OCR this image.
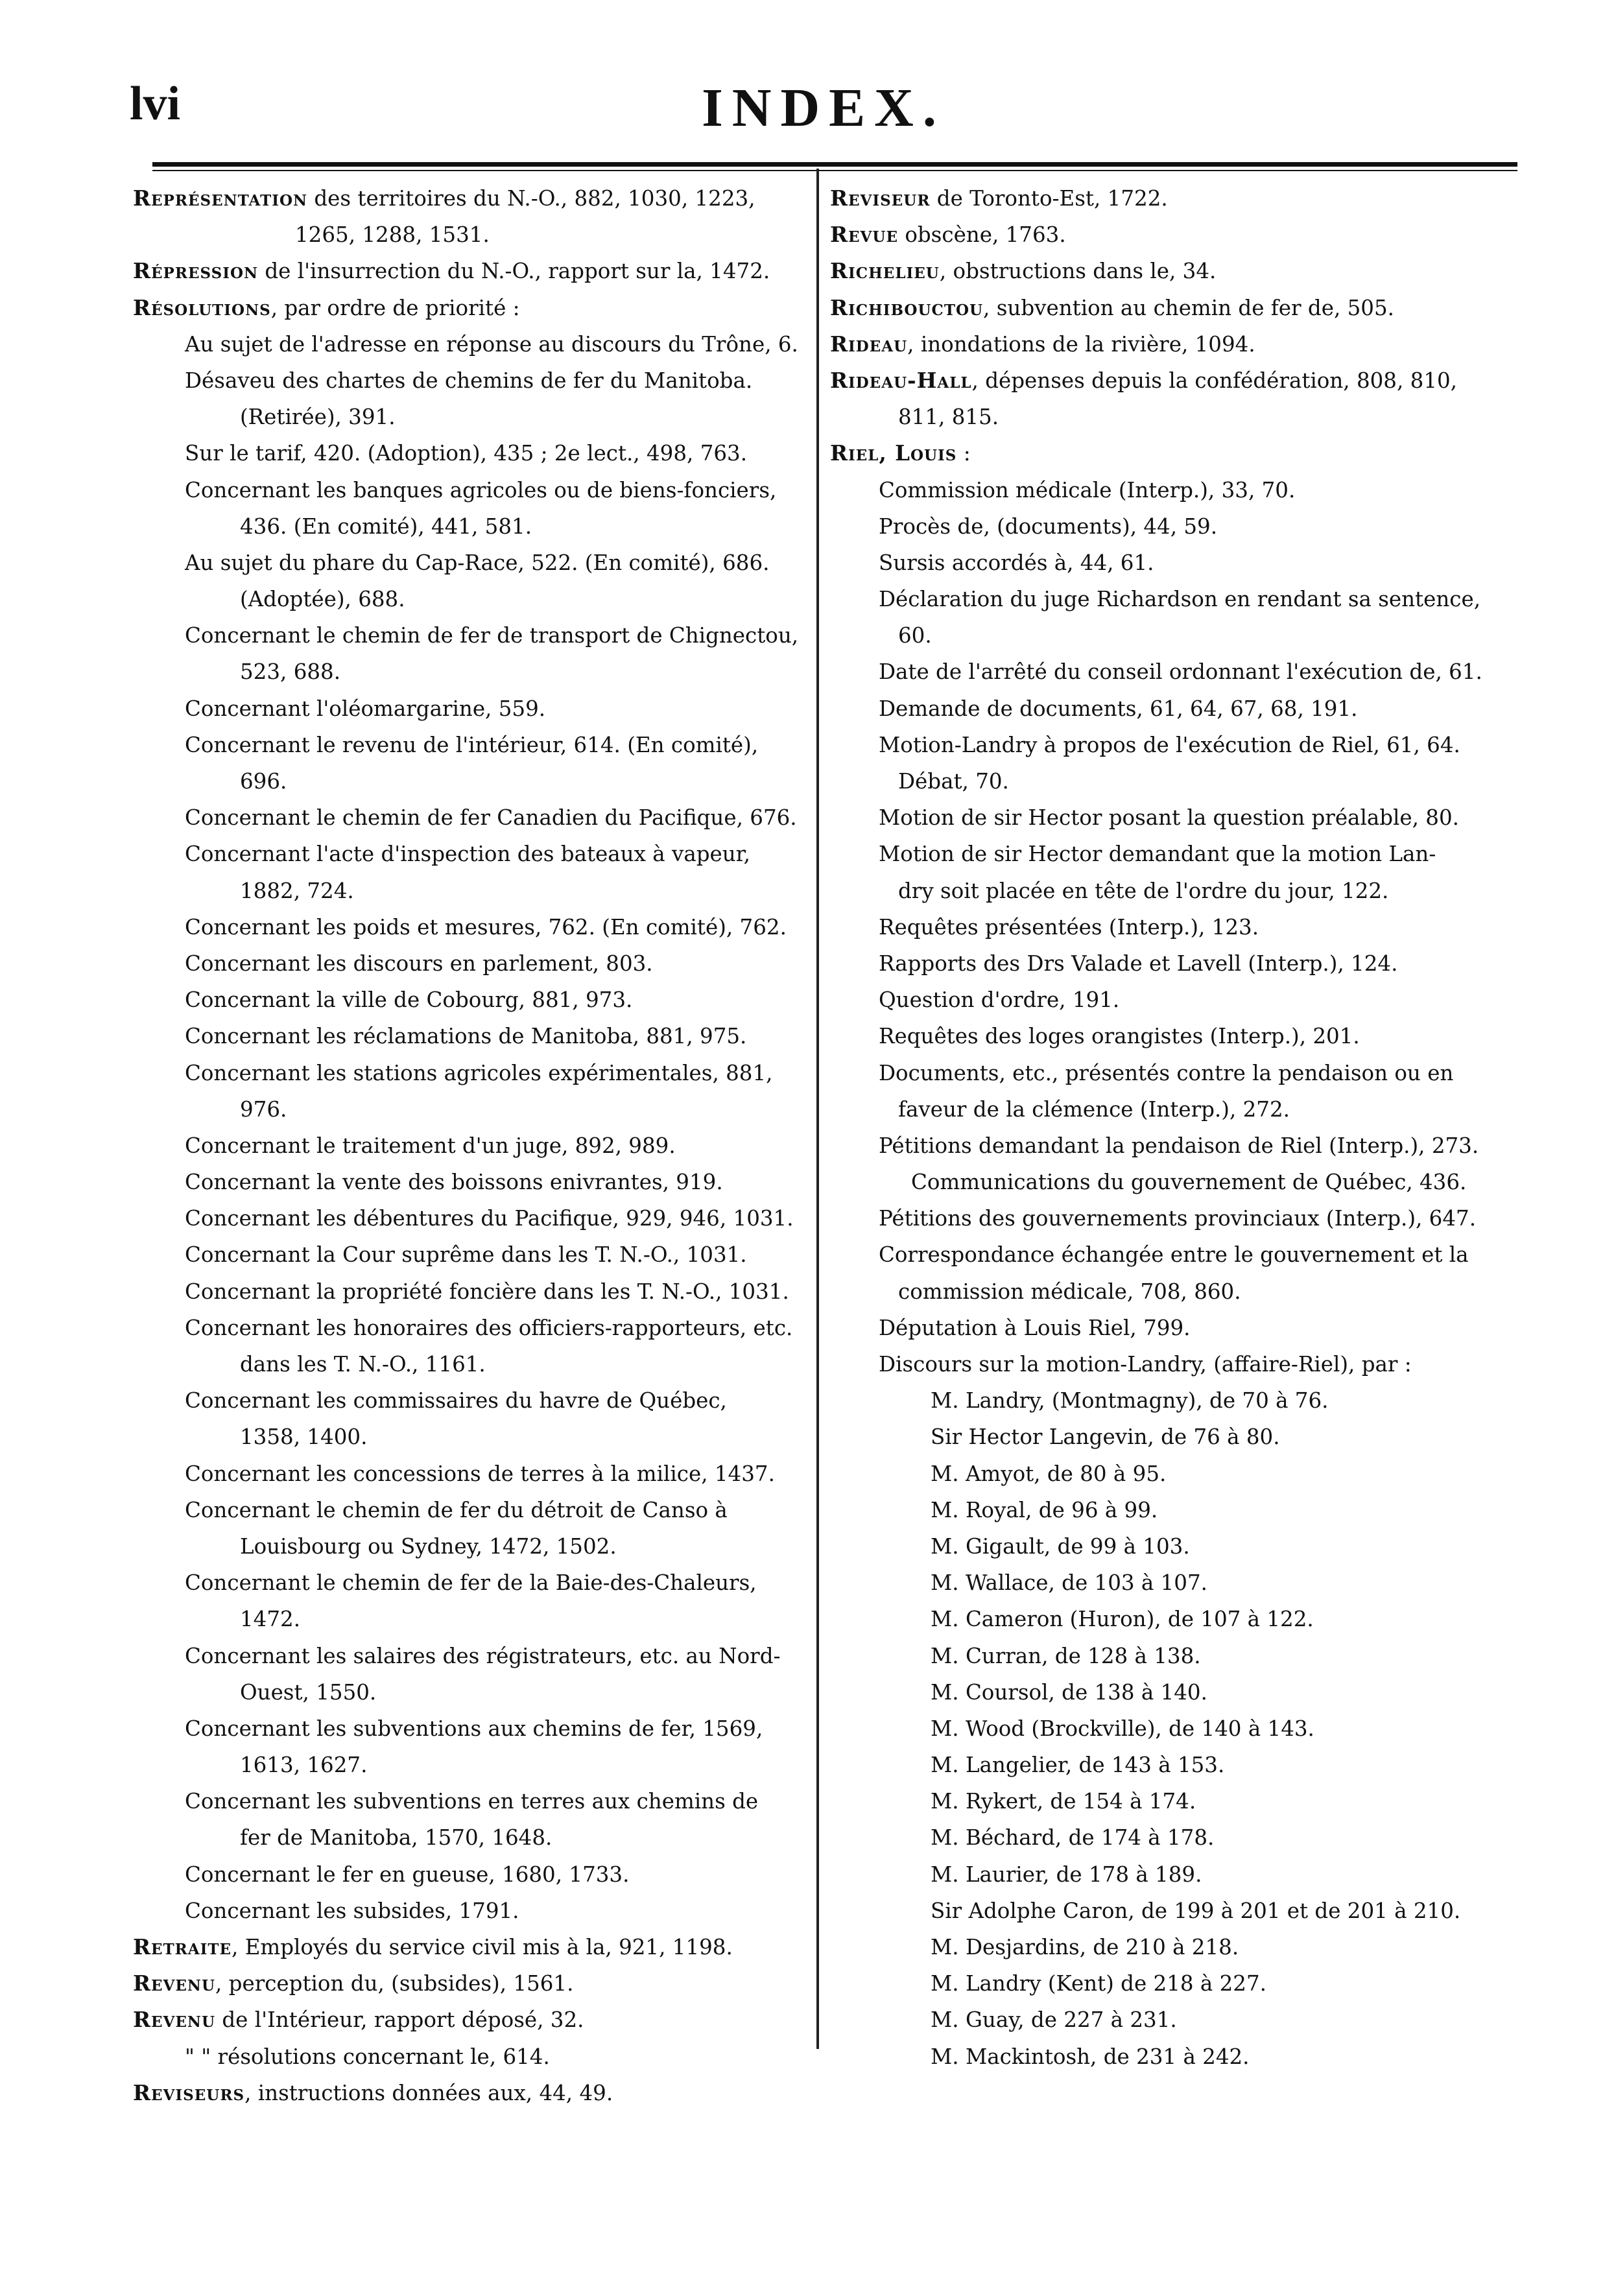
lvi	INDEX.
Représentation des territoires du N.-O., 882, 1030, 1223,
1265, 1288, 1531.
Répression de l'insurrection du N.-O., rapport sur la, 1472.
Résolutions, par ordre de priorité :
Au sujet de l'adresse en réponse au discours du Trône, 6.
Désaveu des chartes de chemins de fer du Manitoba.
(Retirée), 391.
Sur le tarif, 420. (Adoption), 435 ; 2e lect., 498, 763.
Concernant les banques agricoles ou de biens-fonciers,
436. (En comité), 441, 581.
Au sujet du phare du Cap-Race, 522. (En comité), 686.
(Adoptée), 688.
Concernant le chemin de fer de transport de Chignectou,
523, 688.
Concernant l'oléomargarine, 559.
Concernant le revenu de l'intérieur, 614. (En comité),
696.
Concernant le chemin de fer Canadien du Pacifique, 676.
Concernant l'acte d'inspection des bateaux à vapeur,
1882, 724.
Concernant les poids et mesures, 762. (En comité), 762.
Concernant les discours en parlement, 803.
Concernant la ville de Cobourg, 881, 973.
Concernant les réclamations de Manitoba, 881, 975.
Concernant les stations agricoles expérimentales, 881,
976.
Concernant le traitement d'un juge, 892, 989.
Concernant la vente des boissons enivrantes, 919.
Concernant les débentures du Pacifique, 929, 946, 1031.
Concernant la Cour suprême dans les T. N.-O., 1031.
Concernant la propriété foncière dans les T. N.-O., 1031.
Concernant les honoraires des officiers-rapporteurs, etc.
dans les T. N.-O., 1161.
Concernant les commissaires du havre de Québec,
1358, 1400.
Concernant les concessions de terres à la milice, 1437.
Concernant le chemin de fer du détroit de Canso à
Louisbourg ou Sydney, 1472, 1502.
Concernant le chemin de fer de la Baie-des-Chaleurs,
1472.
Concernant les salaires des régistrateurs, etc. au Nord-
Ouest, 1550.
Concernant les subventions aux chemins de fer, 1569,
1613, 1627.
Concernant les subventions en terres aux chemins de
fer de Manitoba, 1570, 1648.
Concernant le fer en gueuse, 1680, 1733.
Concernant les subsides, 1791.
Retraite, Employés du service civil mis à la, 921, 1198.
Revenu, perception du, (subsides), 1561.
Revenu de l'Intérieur, rapport déposé, 32.
" " résolutions concernant le, 614.
Reviseurs, instructions données aux, 44, 49.
Reviseur de Toronto-Est, 1722.
Revue obscène, 1763.
Richelieu, obstructions dans le, 34.
Richibouctou, subvention au chemin de fer de, 505.
Rideau, inondations de la rivière, 1094.
Rideau-Hall, dépenses depuis la confédération, 808, 810,
811, 815.
Riel, Louis :
Commission médicale (Interp.), 33, 70.
Procès de, (documents), 44, 59.
Sursis accordés à, 44, 61.
Déclaration du juge Richardson en rendant sa sentence,
60.
Date de l'arrêté du conseil ordonnant l'exécution de, 61.
Demande de documents, 61, 64, 67, 68, 191.
Motion-Landry à propos de l'exécution de Riel, 61, 64.
Débat, 70.
Motion de sir Hector posant la question préalable, 80.
Motion de sir Hector demandant que la motion Lan-
dry soit placée en tête de l'ordre du jour, 122.
Requêtes présentées (Interp.), 123.
Rapports des Drs Valade et Lavell (Interp.), 124.
Question d'ordre, 191.
Requêtes des loges orangistes (Interp.), 201.
Documents, etc., présentés contre la pendaison ou en
faveur de la clémence (Interp.), 272.
Pétitions demandant la pendaison de Riel (Interp.), 273.
Communications du gouvernement de Québec, 436.
Pétitions des gouvernements provinciaux (Interp.), 647.
Correspondance échangée entre le gouvernement et la
commission médicale, 708, 860.
Députation à Louis Riel, 799.
Discours sur la motion-Landry, (affaire-Riel), par :
M. Landry, (Montmagny), de 70 à 76.
Sir Hector Langevin, de 76 à 80.
M. Amyot, de 80 à 95.
M. Royal, de 96 à 99.
M. Gigault, de 99 à 103.
M. Wallace, de 103 à 107.
M. Cameron (Huron), de 107 à 122.
M. Curran, de 128 à 138.
M. Coursol, de 138 à 140.
M. Wood (Brockville), de 140 à 143.
M. Langelier, de 143 à 153.
M. Rykert, de 154 à 174.
M. Béchard, de 174 à 178.
M. Laurier, de 178 à 189.
Sir Adolphe Caron, de 199 à 201 et de 201 à 210.
M. Desjardins, de 210 à 218.
M. Landry (Kent) de 218 à 227.
M. Guay, de 227 à 231.
M. Mackintosh, de 231 à 242.
